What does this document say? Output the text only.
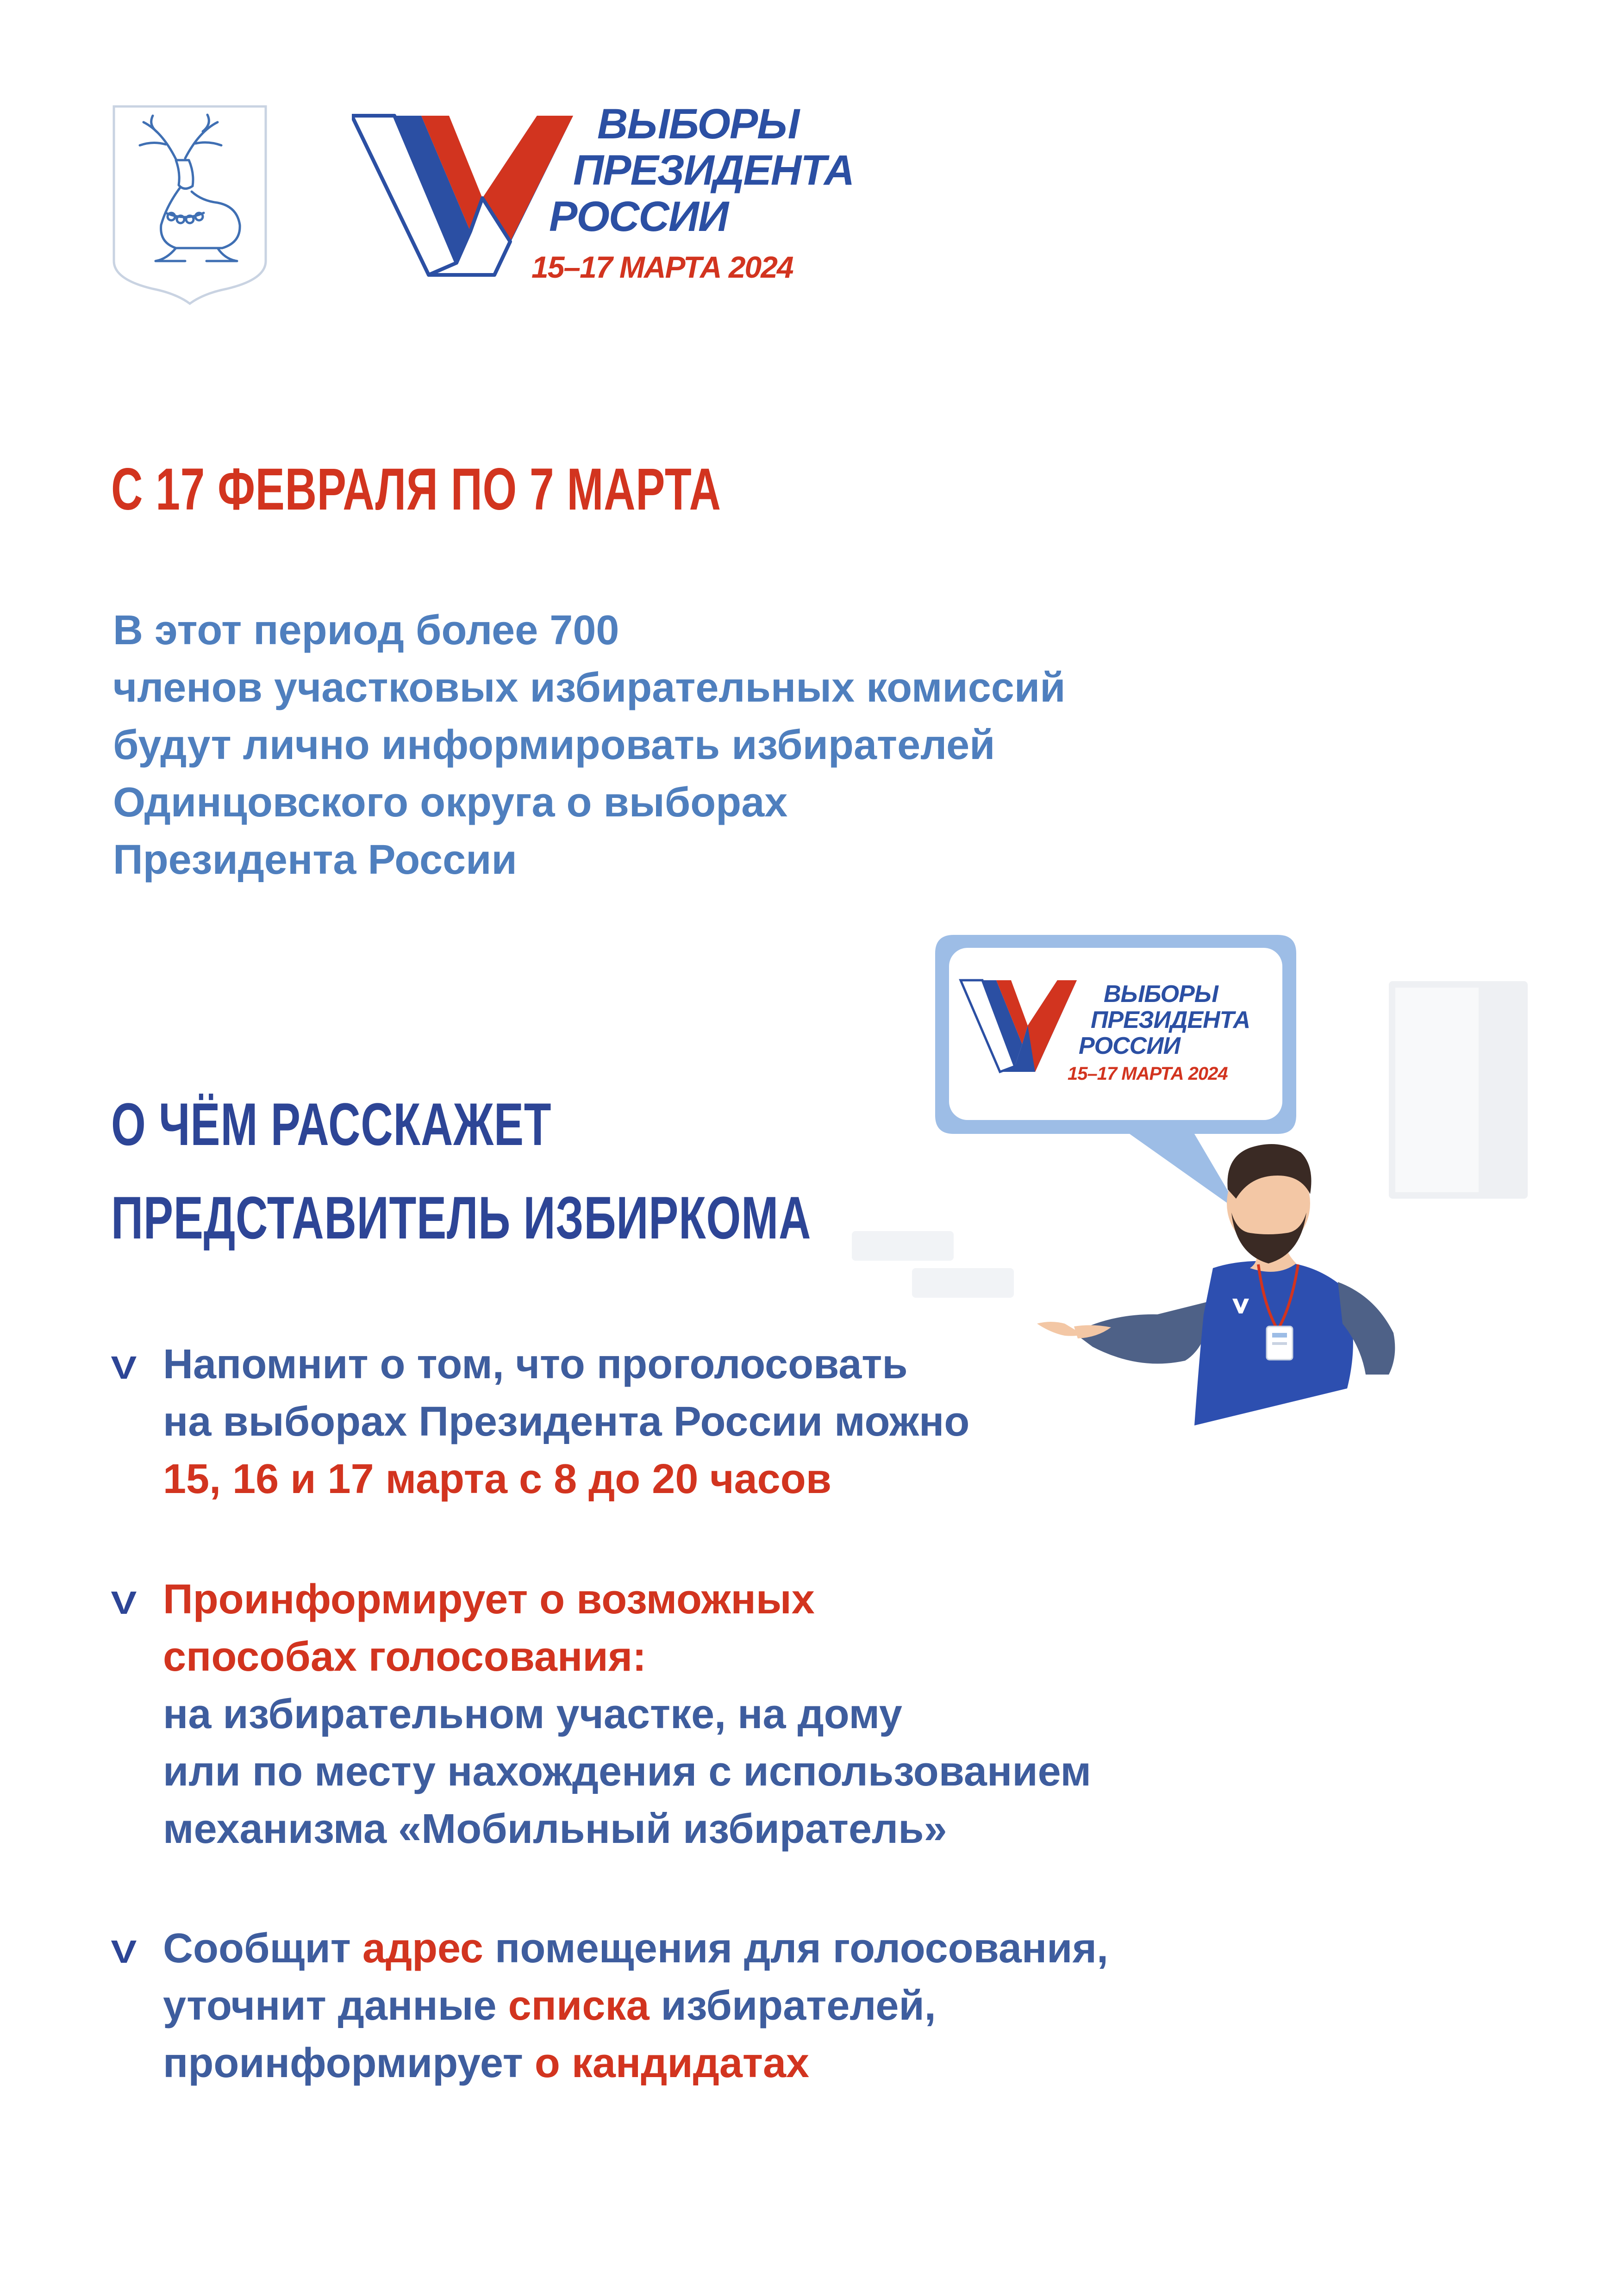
ВЫБОРЫ
ПРЕЗИДЕНТА
РОССИИ
15–17 МАРТА 2024
С 17 ФЕВРАЛЯ ПО 7 МАРТА
В этот период более 700
членов участковых избирательных комиссий
будут лично информировать избирателей
Одинцовского округа о выборах
Президента России
О ЧЁМ РАССКАЖЕТ
ПРЕДСТАВИТЕЛЬ ИЗБИРКОМА
ВЫБОРЫ
ПРЕЗИДЕНТА
РОССИИ
15–17 МАРТА 2024
V Напомнит о том, что проголосовать
на выборах Президента России можно
15, 16 и 17 марта с 8 до 20 часов
V Проинформирует о возможных
способах голосования:
на избирательном участке, на дому
или по месту нахождения с использованием
механизма «Мобильный избиратель»
V Сообщит адрес помещения для голосования,
уточнит данные списка избирателей,
проинформирует о кандидатах
